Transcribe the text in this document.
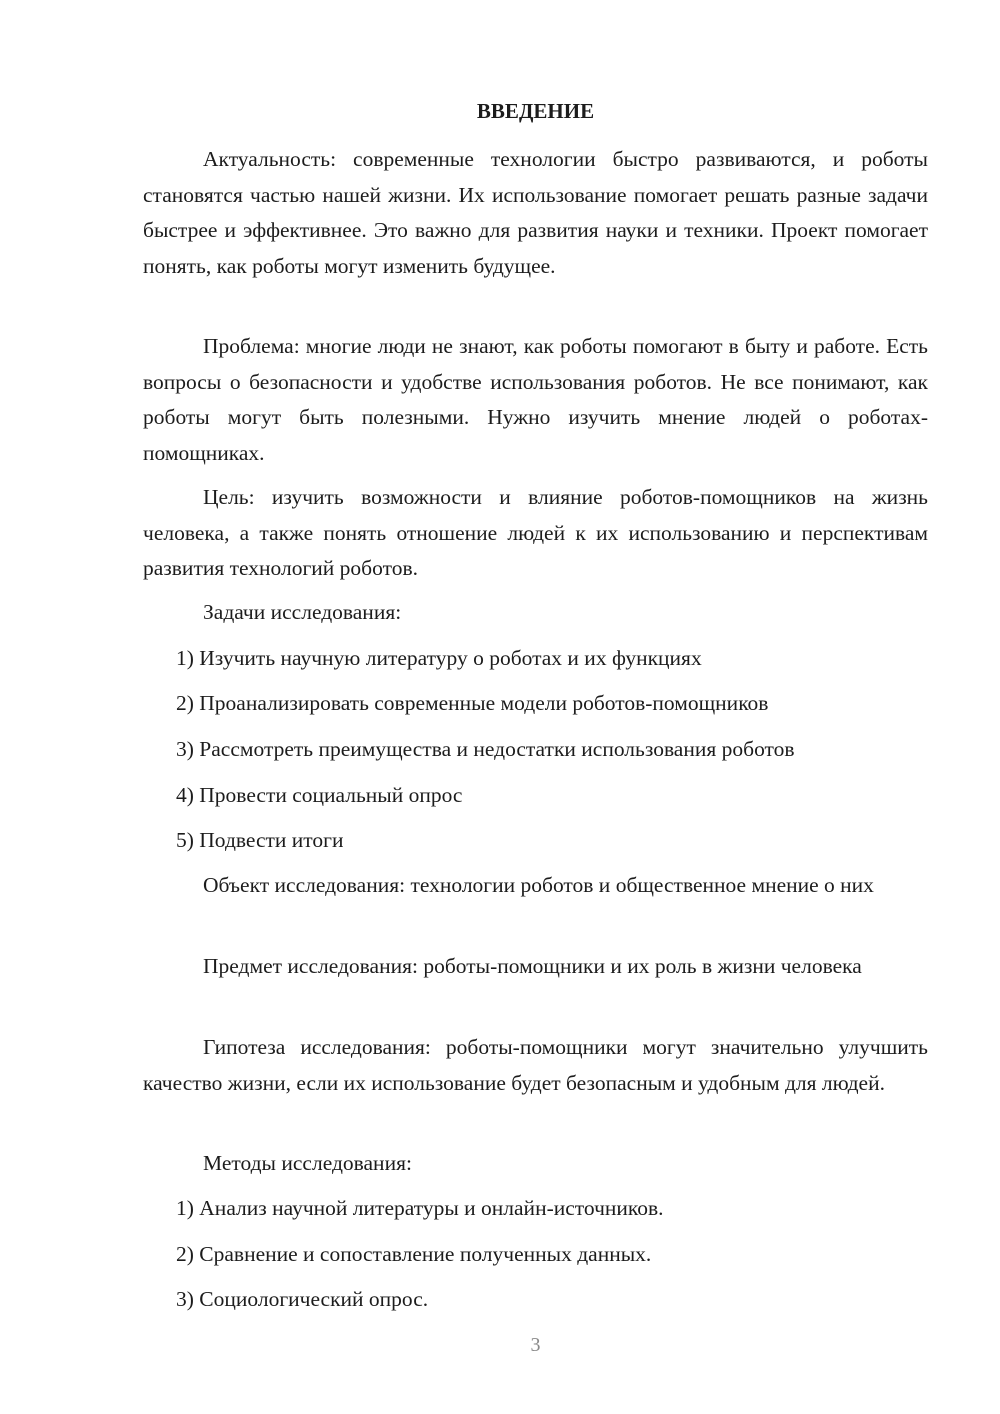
ВВЕДЕНИЕ

Актуальность: современные технологии быстро развиваются, и роботы становятся частью нашей жизни. Их использование помогает решать разные задачи быстрее и эффективнее. Это важно для развития науки и техники. Проект помогает понять, как роботы могут изменить будущее.

Проблема: многие люди не знают, как роботы помогают в быту и работе. Есть вопросы о безопасности и удобстве использования роботов. Не все понимают, как роботы могут быть полезными. Нужно изучить мнение людей о роботах-помощниках.

Цель: изучить возможности и влияние роботов-помощников на жизнь человека, а также понять отношение людей к их использованию и перспективам развития технологий роботов.

Задачи исследования:

1) Изучить научную литературу о роботах и их функциях

2) Проанализировать современные модели роботов-помощников

3) Рассмотреть преимущества и недостатки использования роботов

4) Провести социальный опрос

5) Подвести итоги

Объект исследования: технологии роботов и общественное мнение о них

Предмет исследования: роботы-помощники и их роль в жизни человека

Гипотеза исследования: роботы-помощники могут значительно улучшить качество жизни, если их использование будет безопасным и удобным для людей.

Методы исследования:

1) Анализ научной литературы и онлайн-источников.

2) Сравнение и сопоставление полученных данных.

3) Социологический опрос.

3
